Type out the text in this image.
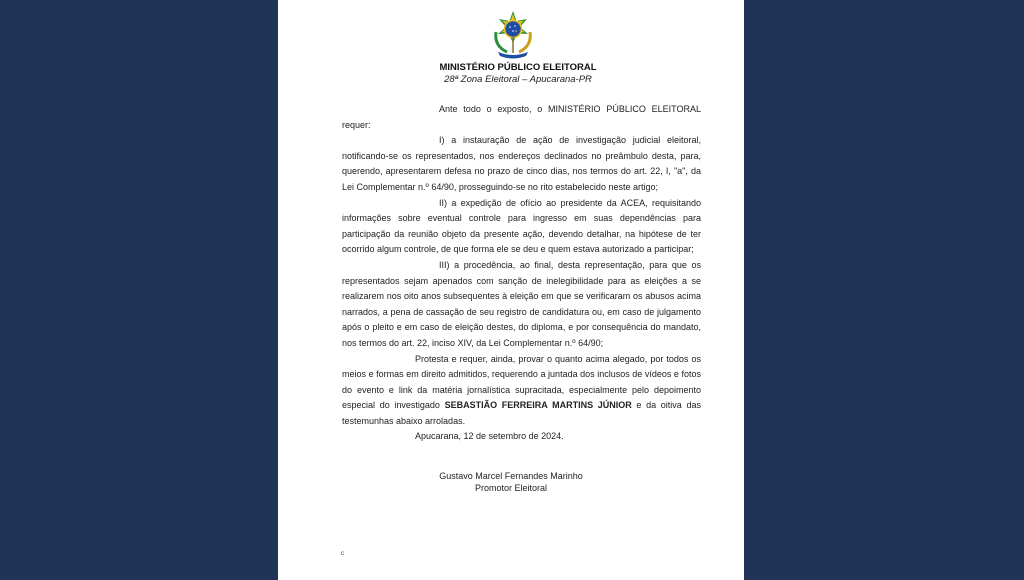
MINISTÉRIO PÚBLICO ELEITORAL
28ª Zona Eleitoral – Apucarana-PR

Ante todo o exposto, o MINISTÉRIO PÚBLICO ELEITORAL requer:

I) a instauração de ação de investigação judicial eleitoral, notificando-se os representados, nos endereços declinados no preâmbulo desta, para, querendo, apresentarem defesa no prazo de cinco dias, nos termos do art. 22, I, "a", da Lei Complementar n.º 64/90, prosseguindo-se no rito estabelecido neste artigo;

II) a expedição de ofício ao presidente da ACEA, requisitando informações sobre eventual controle para ingresso em suas dependências para participação da reunião objeto da presente ação, devendo detalhar, na hipótese de ter ocorrido algum controle, de que forma ele se deu e quem estava autorizado a participar;

III) a procedência, ao final, desta representação, para que os representados sejam apenados com sanção de inelegibilidade para as eleições a se realizarem nos oito anos subsequentes à eleição em que se verificaram os abusos acima narrados, a pena de cassação de seu registro de candidatura ou, em caso de julgamento após o pleito e em caso de eleição destes, do diploma, e por consequência do mandato, nos termos do art. 22, inciso XIV, da Lei Complementar n.º 64/90;

Protesta e requer, ainda, provar o quanto acima alegado, por todos os meios e formas em direito admitidos, requerendo a juntada dos inclusos de vídeos e fotos do evento e link da matéria jornalística supracitada, especialmente pelo depoimento especial do investigado SEBASTIÃO FERREIRA MARTINS JÚNIOR e da oitiva das testemunhas abaixo arroladas.

Apucarana, 12 de setembro de 2024.

Gustavo Marcel Fernandes Marinho
Promotor Eleitoral
c
